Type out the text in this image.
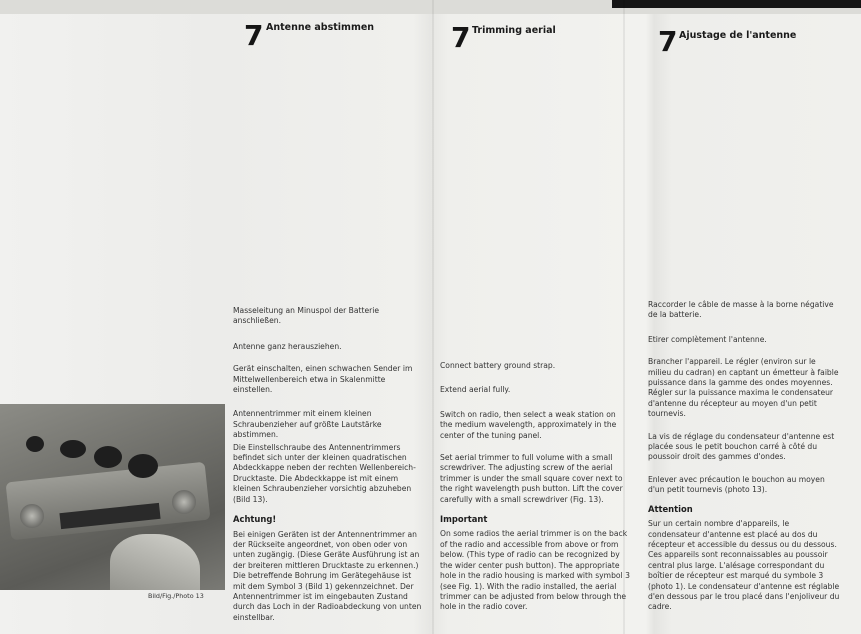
7 Antenne abstimmen

Masseleitung an Minuspol der Batterie anschließen.

Antenne ganz herausziehen.

Gerät einschalten, einen schwachen Sender im Mittelwellenbereich etwa in Skalenmitte einstellen.

Antennentrimmer mit einem kleinen Schraubenzieher auf größte Lautstärke abstimmen.

Die Einstellschraube des Antennentrimmers befindet sich unter der kleinen quadratischen Abdeckkappe neben der rechten Wellenbereich-Drucktaste. Die Abdeckkappe ist mit einem kleinen Schraubenzieher vorsichtig abzuheben (Bild 13).

Achtung!

Bei einigen Geräten ist der Antennentrimmer an der Rückseite angeordnet, von oben oder von unten zugängig. (Diese Geräte Ausführung ist an der breiteren mittleren Drucktaste zu erkennen.) Die betreffende Bohrung im Gerätegehäuse ist mit dem Symbol 3 (Bild 1) gekennzeichnet. Der Antennentrimmer ist im eingebauten Zustand durch das Loch in der Radioabdeckung von unten einstellbar.

7 Trimming aerial

Connect battery ground strap.

Extend aerial fully.

Switch on radio, then select a weak station on the medium wavelength, approximately in the center of the tuning panel.

Set aerial trimmer to full volume with a small screwdriver. The adjusting screw of the aerial trimmer is under the small square cover next to the right wavelength push button. Lift the cover carefully with a small screwdriver (Fig. 13).

Important

On some radios the aerial trimmer is on the back of the radio and accessible from above or from below. (This type of radio can be recognized by the wider center push button). The appropriate hole in the radio housing is marked with symbol 3 (see Fig. 1). With the radio installed, the aerial trimmer can be adjusted from below through the hole in the radio cover.

7 Ajustage de l'antenne

Raccorder le câble de masse à la borne négative de la batterie.

Etirer complètement l'antenne.

Brancher l'appareil. Le régler (environ sur le milieu du cadran) en captant un émetteur à faible puissance dans la gamme des ondes moyennes. Régler sur la puissance maxima le condensateur d'antenne du récepteur au moyen d'un petit tournevis.

La vis de réglage du condensateur d'antenne est placée sous le petit bouchon carré à côté du poussoir droit des gammes d'ondes.

Enlever avec précaution le bouchon au moyen d'un petit tournevis (photo 13).

Attention

Sur un certain nombre d'appareils, le condensateur d'antenne est placé au dos du récepteur et accessible du dessus ou du dessous. Ces appareils sont reconnaissables au poussoir central plus large. L'alésage correspondant du boîtier de récepteur est marqué du symbole 3 (photo 1). Le condensateur d'antenne est réglable d'en dessous par le trou placé dans l'enjoliveur du cadre.

Bild/Fig./Photo 13
